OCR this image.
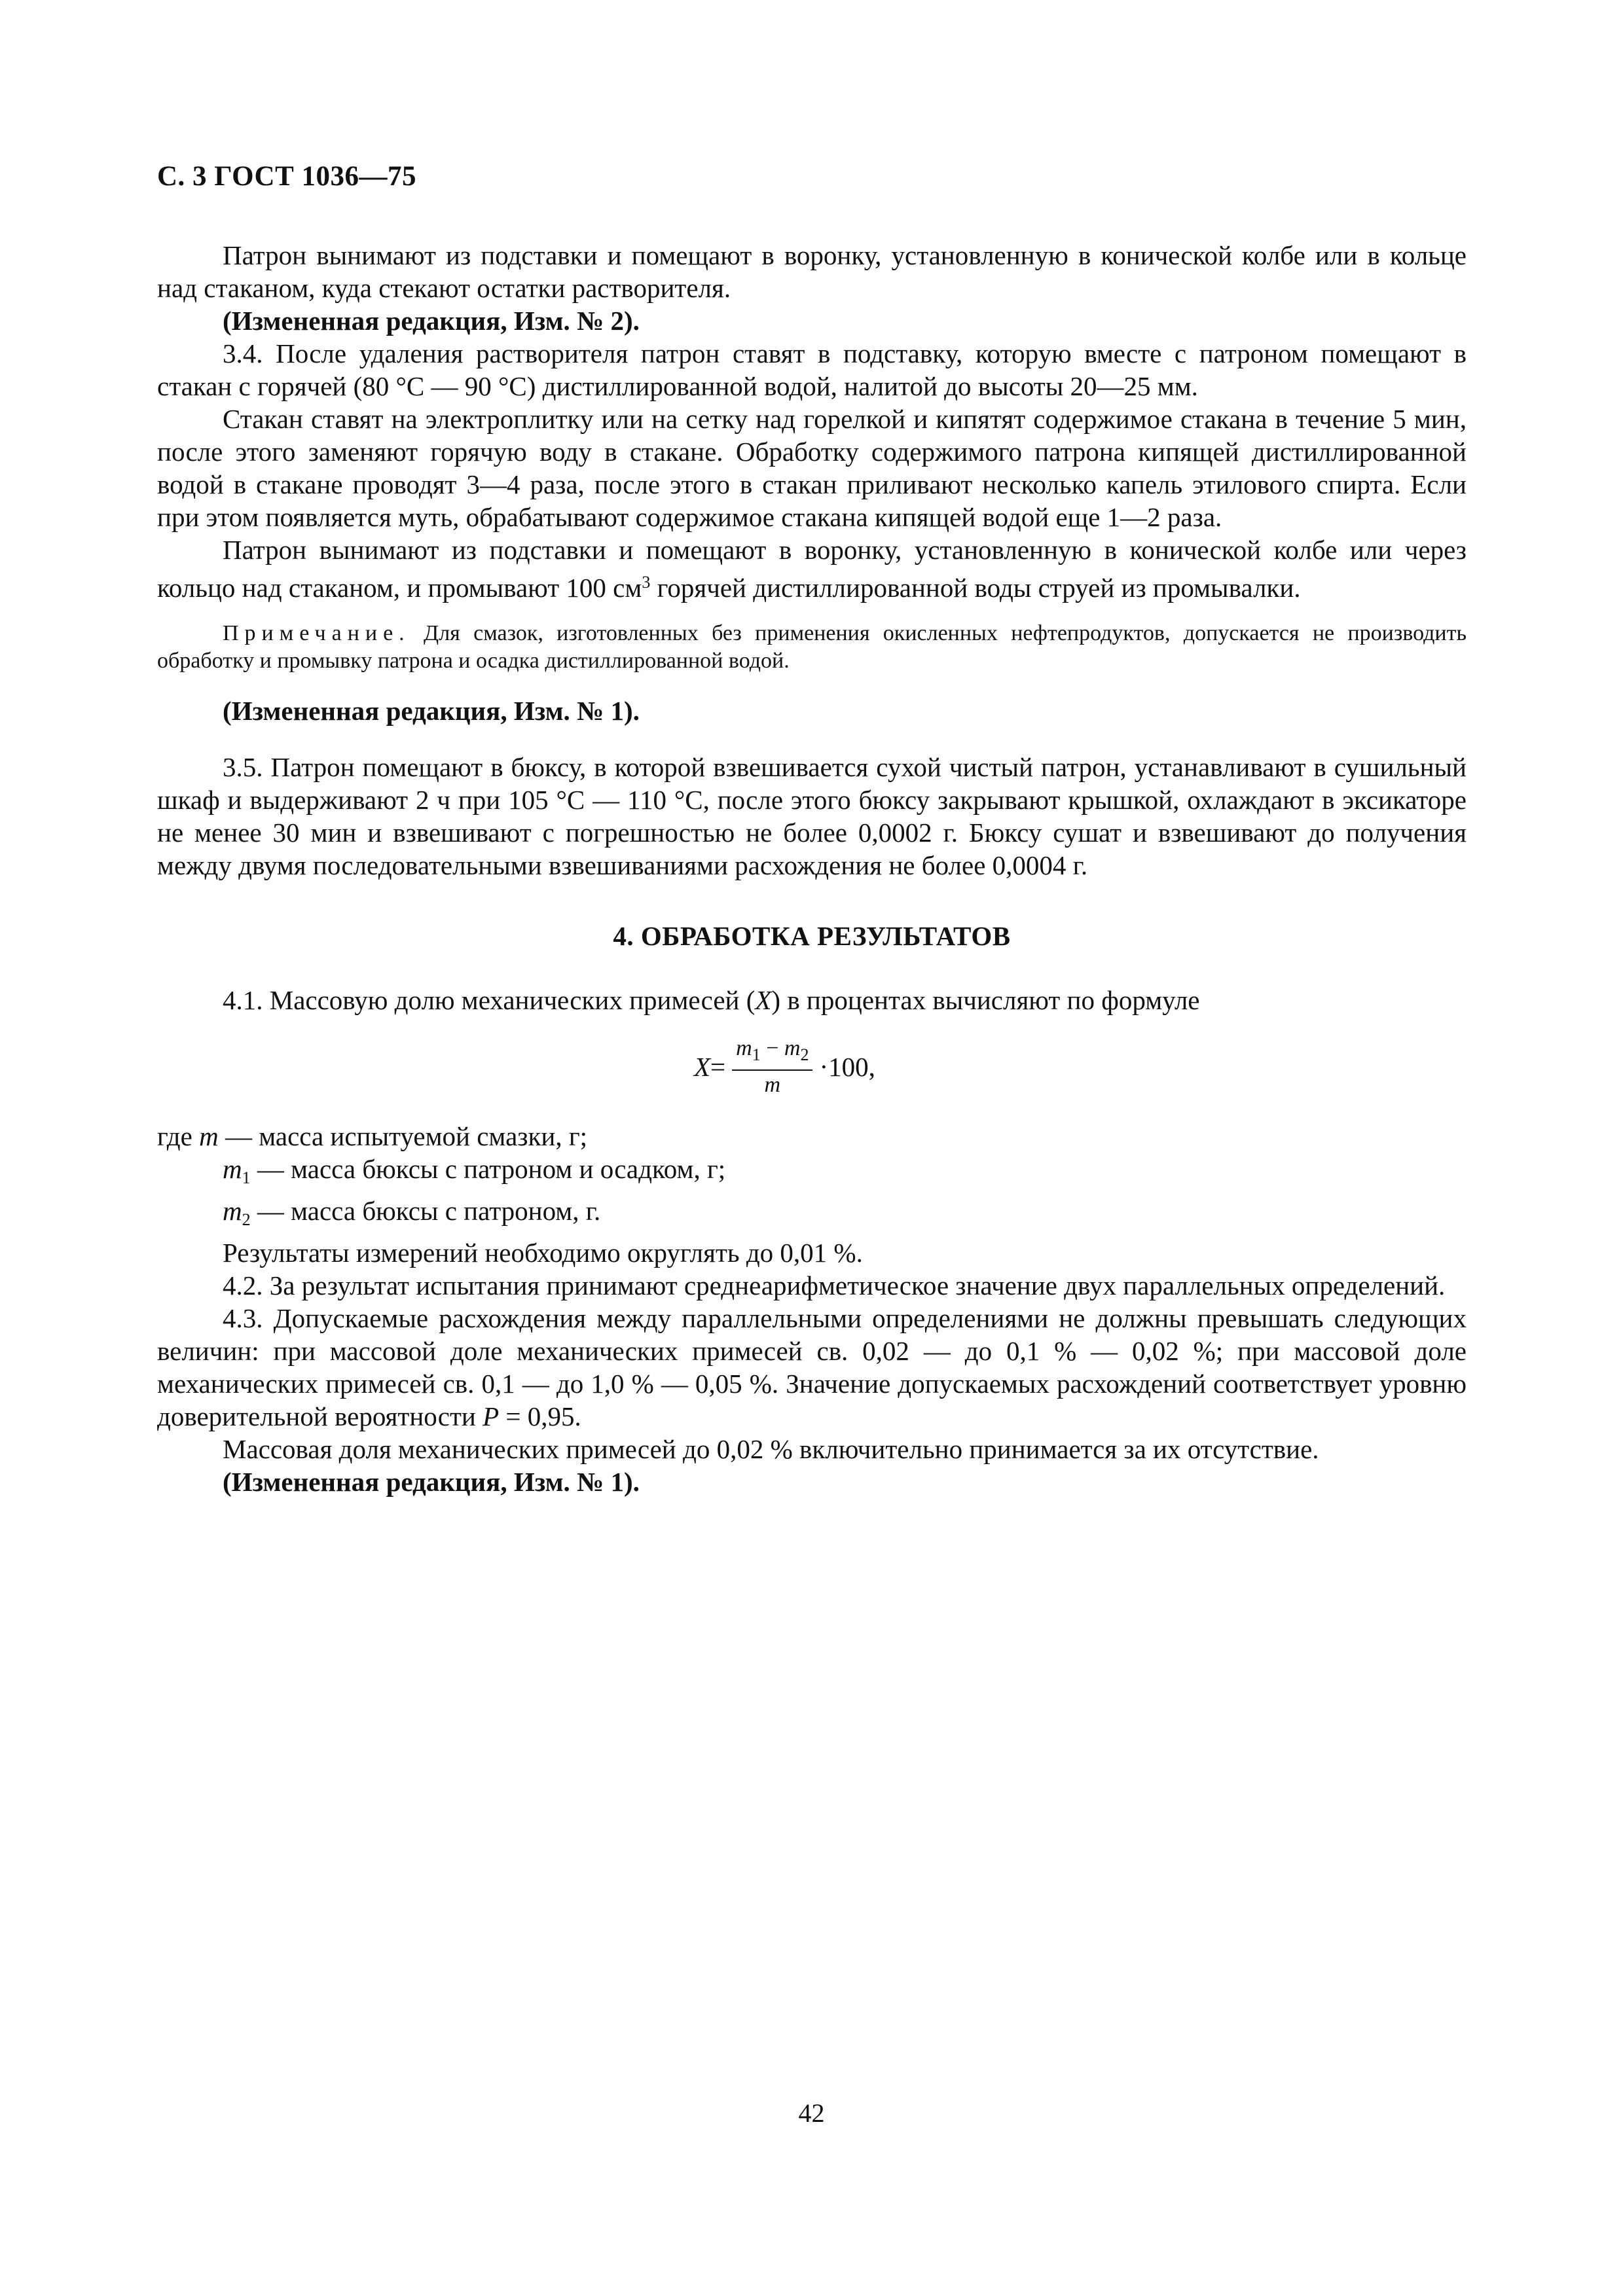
С. 3 ГОСТ 1036—75

Патрон вынимают из подставки и помещают в воронку, установленную в конической колбе или в кольце над стаканом, куда стекают остатки растворителя.

(Измененная редакция, Изм. № 2).

3.4. После удаления растворителя патрон ставят в подставку, которую вместе с патроном помещают в стакан с горячей (80 °С — 90 °С) дистиллированной водой, налитой до высоты 20—25 мм.

Стакан ставят на электроплитку или на сетку над горелкой и кипятят содержимое стакана в течение 5 мин, после этого заменяют горячую воду в стакане. Обработку содержимого патрона кипящей дистиллированной водой в стакане проводят 3—4 раза, после этого в стакан приливают несколько капель этилового спирта. Если при этом появляется муть, обрабатывают содержимое стакана кипящей водой еще 1—2 раза.

Патрон вынимают из подставки и помещают в воронку, установленную в конической колбе или через кольцо над стаканом, и промывают 100 $см^3$ горячей дистиллированной воды струей из промывалки.

Примечание. Для смазок, изготовленных без применения окисленных нефтепродуктов, допускается не производить обработку и промывку патрона и осадка дистиллированной водой.

(Измененная редакция, Изм. № 1).

3.5. Патрон помещают в бюксу, в которой взвешивается сухой чистый патрон, устанавливают в сушильный шкаф и выдерживают 2 ч при 105 °С — 110 °С, после этого бюксу закрывают крышкой, охлаждают в эксикаторе не менее 30 мин и взвешивают с погрешностью не более 0,0002 г. Бюксу сушат и взвешивают до получения между двумя последовательными взвешиваниями расхождения не более 0,0004 г.

4. ОБРАБОТКА РЕЗУЛЬТАТОВ

4.1. Массовую долю механических примесей (X) в процентах вычисляют по формуле

$X = \frac{m_1 - m_2}{m} \cdot 100$,

где m — масса испытуемой смазки, г;

$m_1$ — масса бюксы с патроном и осадком, г;

$m_2$ — масса бюксы с патроном, г.

Результаты измерений необходимо округлять до 0,01 %.

4.2. За результат испытания принимают среднеарифметическое значение двух параллельных определений.

4.3. Допускаемые расхождения между параллельными определениями не должны превышать следующих величин: при массовой доле механических примесей св. 0,02 — до 0,1 % — 0,02 %; при массовой доле механических примесей св. 0,1 — до 1,0 % — 0,05 %. Значение допускаемых расхождений соответствует уровню доверительной вероятности P = 0,95.

Массовая доля механических примесей до 0,02 % включительно принимается за их отсутствие.

(Измененная редакция, Изм. № 1).

42
